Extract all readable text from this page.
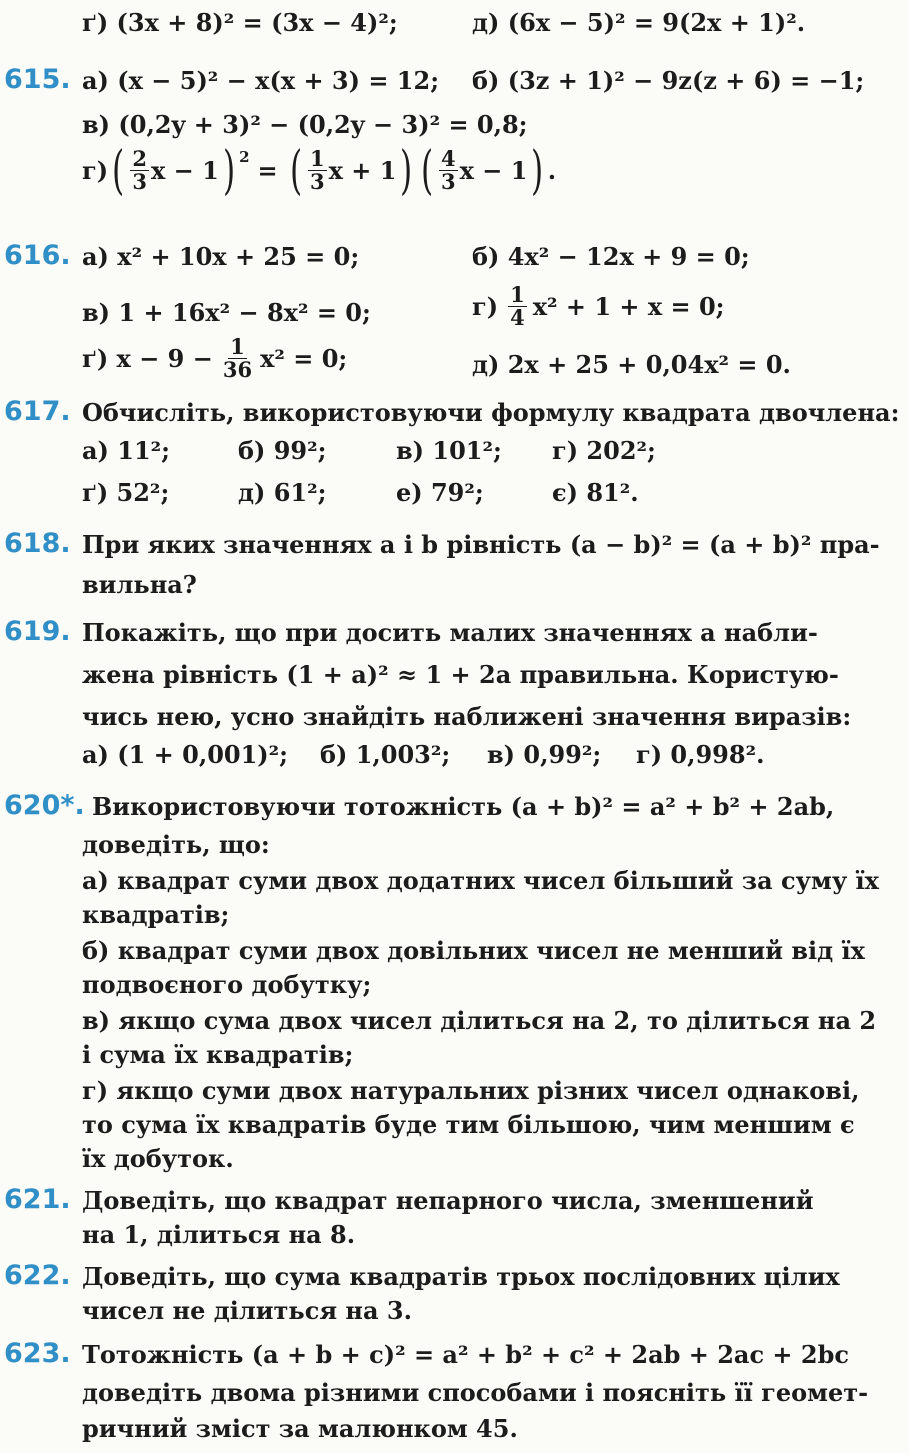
ґ) (3x + 8)² = (3x − 4)²;	д) (6x − 5)² = 9(2x + 1)².
615. а) (x − 5)² − x(x + 3) = 12; б) (3z + 1)² − 9z(z + 6) = −1;
в) (0,2y + 3)² − (0,2y − 3)² = 0,8;
г) ( $\frac{2}{3}$ x − 1 ) 2 = ( $\frac{1}{3}$ x + 1 ) ( $\frac{4}{3}$ x − 1 ) .
616. а) x² + 10x + 25 = 0;	б) 4x² − 12x + 9 = 0;
в) 1 + 16x² − 8x² = 0;	$г) \frac{1}{4} x^2 + 1 + x = 0$;
ґ) $x - 9 - \frac{1}{36} x^2 = 0$;	д) 2x + 25 + 0,04x² = 0.
617. Обчисліть, використовуючи формулу квадрата двочлена:
а) 11²;	б) 99²;	в) 101²; г) 202²;
ґ) 52²;	д) 61²;	е) 79²;	є) 81².
618. При яких значеннях a і b рівність (a − b)² = (a + b)² пра-
вильна?
619. Покажіть, що при досить малих значеннях a набли-
жена рівність (1 + a)² ≈ 1 + 2a правильна. Користую-
чись нею, усно знайдіть наближені значення виразів:
а) (1 + 0,001)²; б) 1,003²; в) 0,99²; г) 0,998².
620*. Використовуючи тотожність (a + b)² = a² + b² + 2ab,
доведіть, що:
а) квадрат суми двох додатних чисел більший за суму їх
квадратів;
б) квадрат суми двох довільних чисел не менший від їх
подвоєного добутку;
в) якщо сума двох чисел ділиться на 2, то ділиться на 2
і сума їх квадратів;
г) якщо суми двох натуральних різних чисел однакові,
то сума їх квадратів буде тим більшою, чим меншим є
їх добуток.
621. Доведіть, що квадрат непарного числа, зменшений
на 1, ділиться на 8.
622. Доведіть, що сума квадратів трьох послідовних цілих
чисел не ділиться на 3.
623. Тотожність (a + b + c)² = a² + b² + c² + 2ab + 2ac + 2bc
доведіть двома різними способами і поясніть її геомет-
ричний зміст за малюнком 45.
